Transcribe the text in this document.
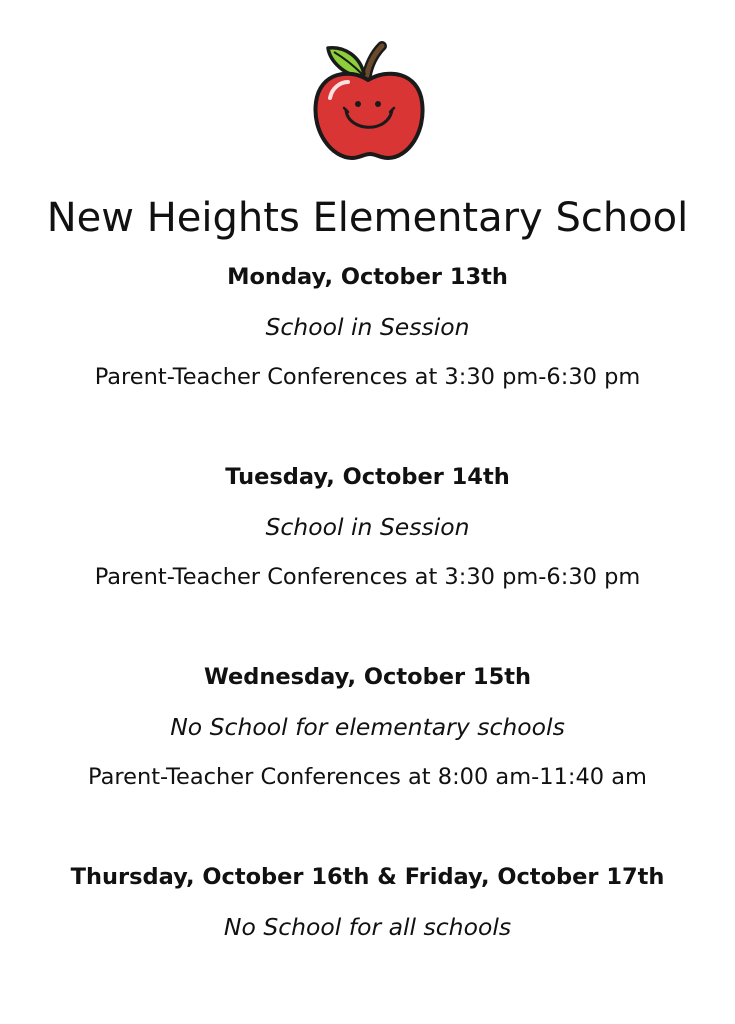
New Heights Elementary School
Monday, October 13th
School in Session
Parent-Teacher Conferences at 3:30 pm-6:30 pm
Tuesday, October 14th
School in Session
Parent-Teacher Conferences at 3:30 pm-6:30 pm
Wednesday, October 15th
No School for elementary schools
Parent-Teacher Conferences at 8:00 am-11:40 am
Thursday, October 16th & Friday, October 17th
No School for all schools
